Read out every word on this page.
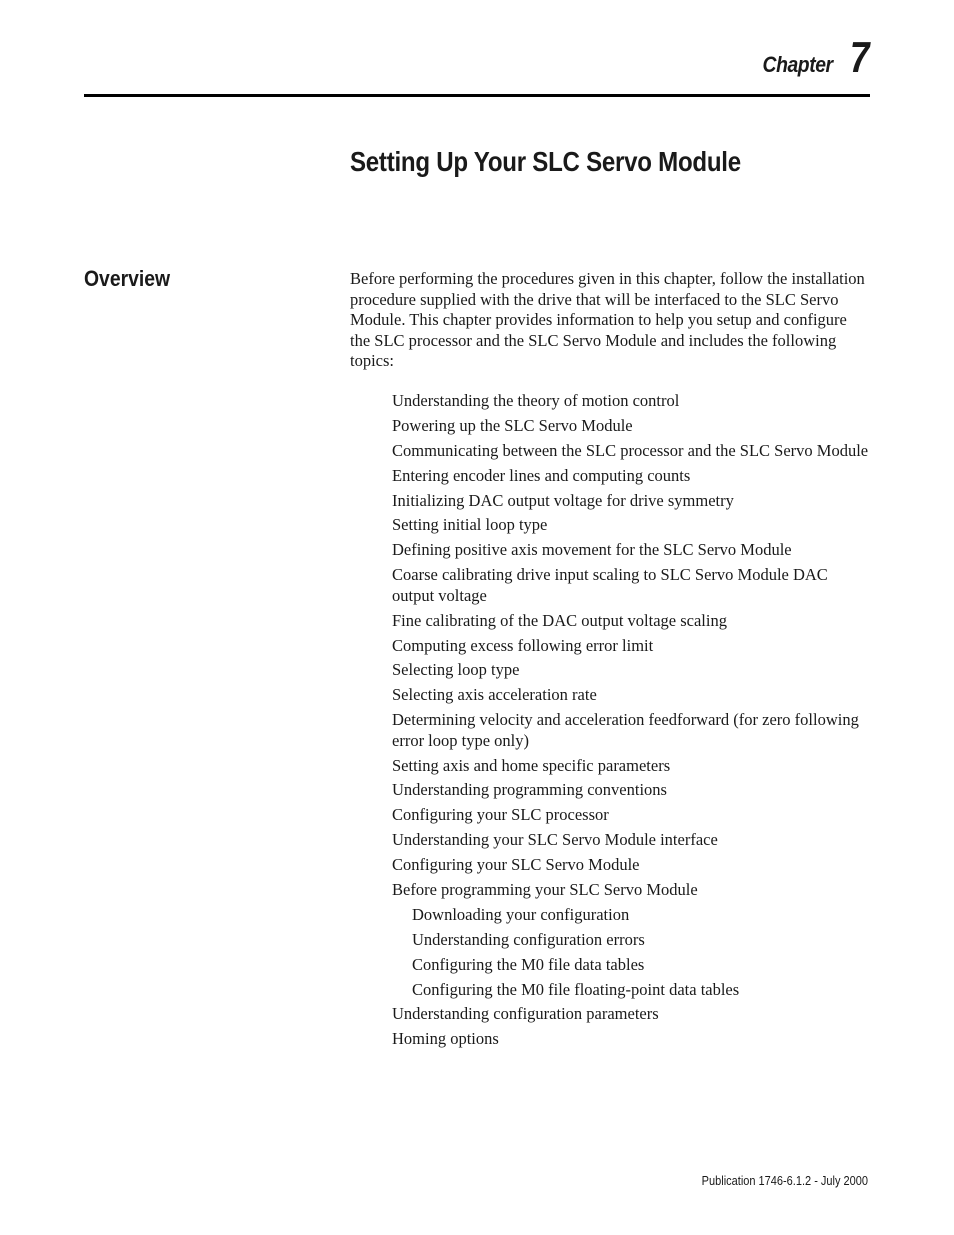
Chapter 7
Setting Up Your SLC Servo Module
Overview	Before performing the procedures given in this chapter, follow the installation procedure supplied with the drive that will be interfaced to the SLC Servo Module. This chapter provides information to help you setup and configure the SLC processor and the SLC Servo Module and includes the following topics:

Understanding the theory of motion control
Powering up the SLC Servo Module
Communicating between the SLC processor and the SLC Servo Module
Entering encoder lines and computing counts
Initializing DAC output voltage for drive symmetry
Setting initial loop type
Defining positive axis movement for the SLC Servo Module
Coarse calibrating drive input scaling to SLC Servo Module DAC output voltage
Fine calibrating of the DAC output voltage scaling
Computing excess following error limit
Selecting loop type
Selecting axis acceleration rate
Determining velocity and acceleration feedforward (for zero following error loop type only)
Setting axis and home specific parameters
Understanding programming conventions
Configuring your SLC processor
Understanding your SLC Servo Module interface
Configuring your SLC Servo Module
Before programming your SLC Servo Module
Downloading your configuration
Understanding configuration errors
Configuring the M0 file data tables
Configuring the M0 file floating-point data tables
Understanding configuration parameters
Homing options
Publication 1746-6.1.2 - July 2000
